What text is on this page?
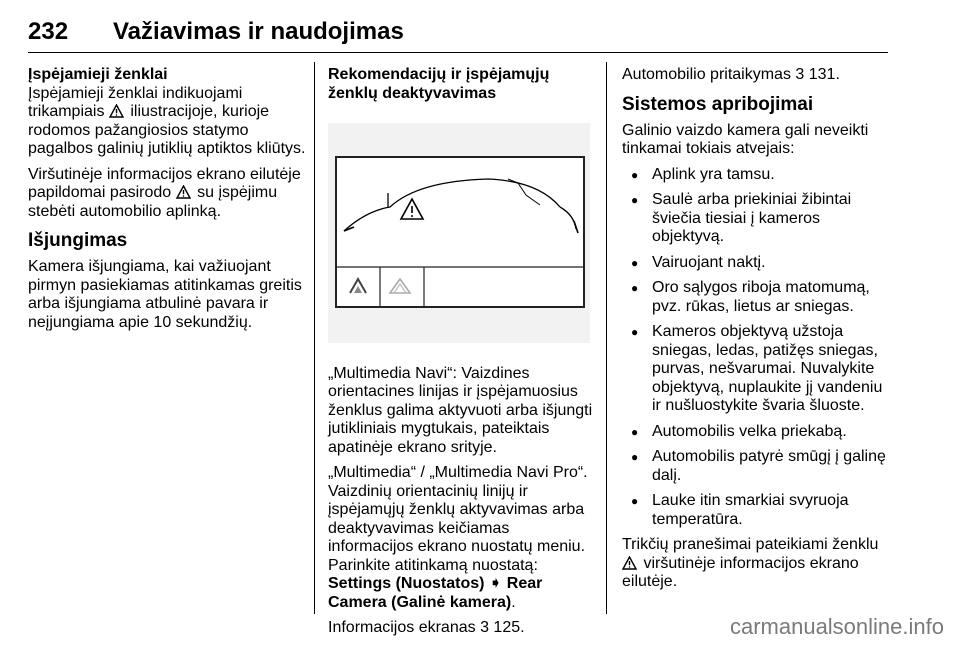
232 Važiavimas ir naudojimas
Įspėjamieji ženklai

Įspėjamieji ženklai indikuojami trikampiais  iliustracijoje, kurioje rodomos pažangiosios statymo pagalbos galinių jutiklių aptiktos kliūtys.

Viršutinėje informacijos ekrano eilutėje papildomai pasirodo  su įspėjimu stebėti automobilio aplinką.

Išjungimas

Kamera išjungiama, kai važiuojant pirmyn pasiekiamas atitinkamas greitis arba išjungiama atbulinė pavara ir neįjungiama apie 10 sekundžių.

Rekomendacijų ir įspėjamųjų ženklų deaktyvavimas

„Multimedia Navi“: Vaizdines orientacines linijas ir įspėjamuosius ženklus galima aktyvuoti arba išjungti jutikliniais mygtukais, pateiktais apatinėje ekrano srityje.

„Multimedia“ / „Multimedia Navi Pro“. Vaizdinių orientacinių linijų ir įspėjamųjų ženklų aktyvavimas arba deaktyvavimas keičiamas informacijos ekrano nuostatų meniu. Parinkite atitinkamą nuostatą:
Settings (Nuostatos) ➧ Rear Camera (Galinė kamera).

Informacijos ekranas 3 125.

Automobilio pritaikymas 3 131.

Sistemos apribojimai

Galinio vaizdo kamera gali neveikti tinkamai tokiais atvejais:

● Aplink yra tamsu.
● Saulė arba priekiniai žibintai šviečia tiesiai į kameros objektyvą.
● Vairuojant naktį.
● Oro sąlygos riboja matomumą, pvz. rūkas, lietus ar sniegas.
● Kameros objektyvą užstoja sniegas, ledas, patižęs sniegas, purvas, nešvarumai. Nuvalykite objektyvą, nuplaukite jį vandeniu ir nušluostykite švaria šluoste.
● Automobilis velka priekabą.
● Automobilis patyrė smūgį į galinę dalį.
● Lauke itin smarkiai svyruoja temperatūra.

Trikčių pranešimai pateikiami ženklu  viršutinėje informacijos ekrano eilutėje.

carmanualsonline.info
